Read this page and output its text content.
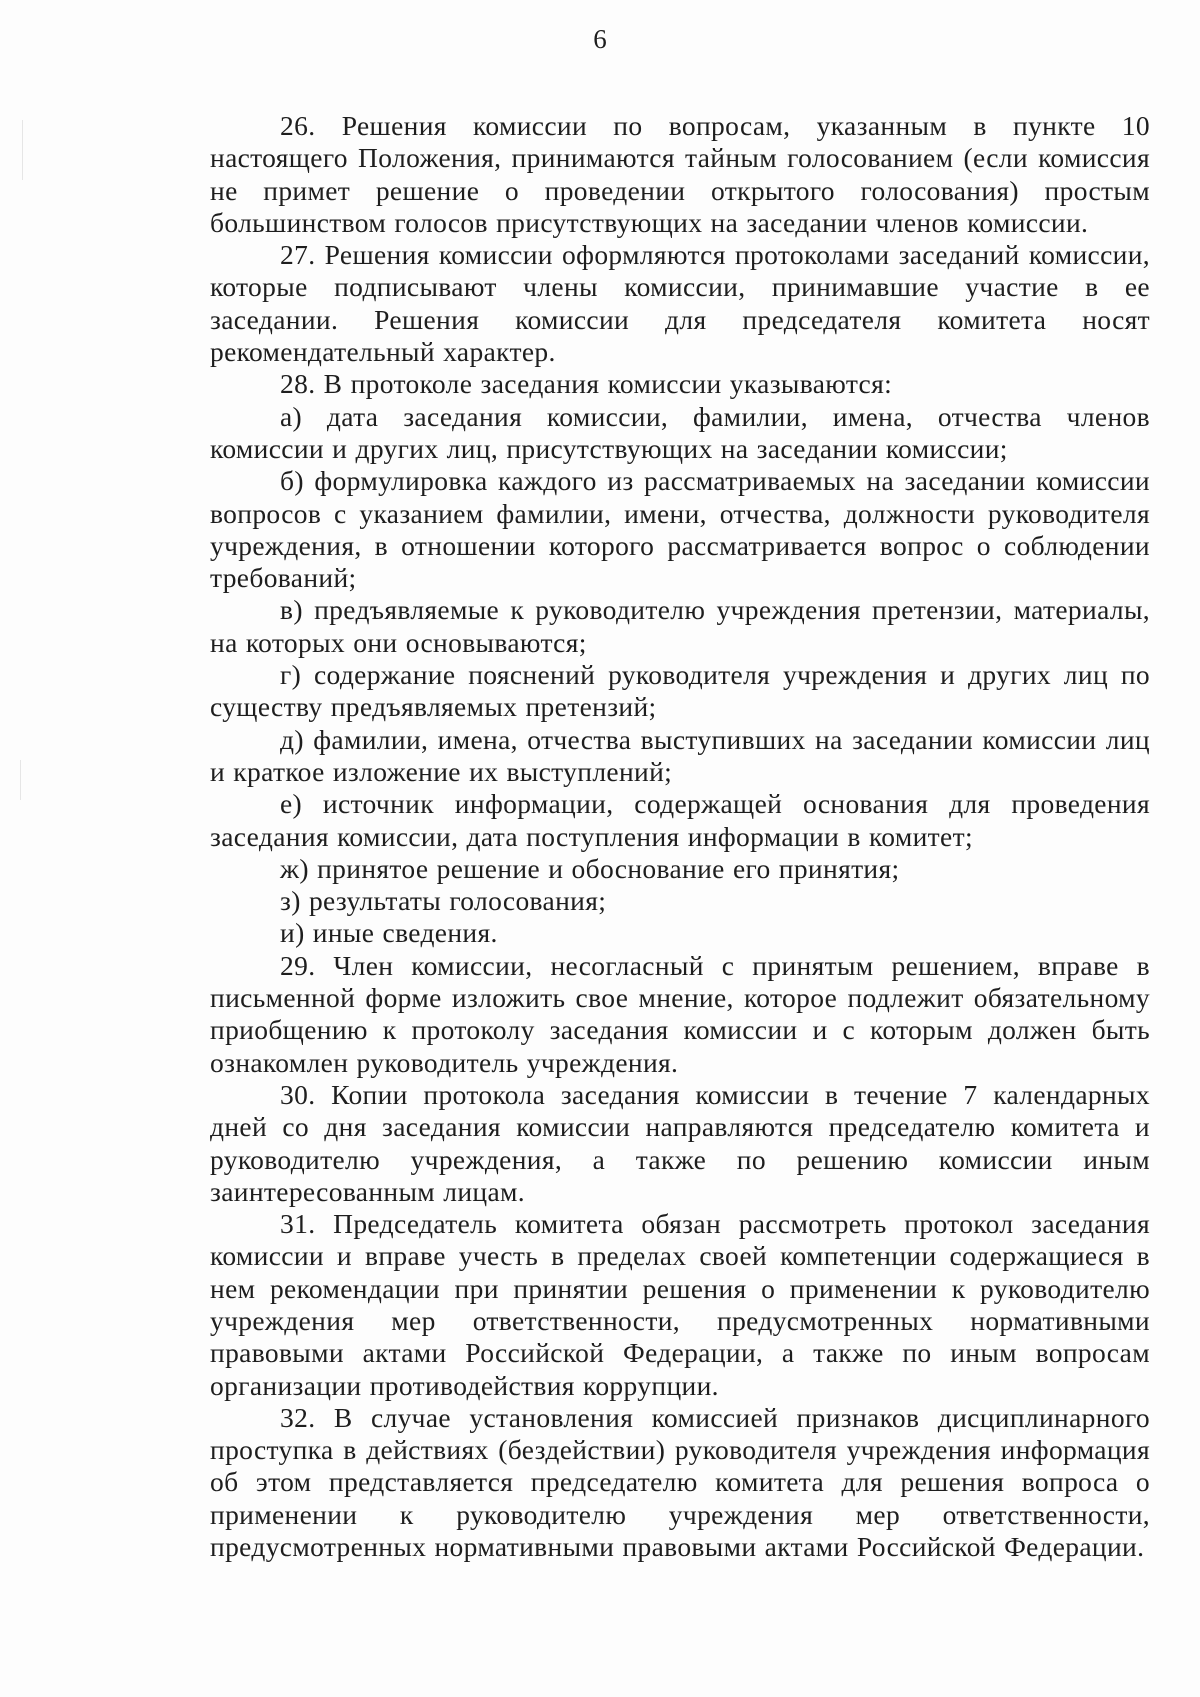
6

26. Решения комиссии по вопросам, указанным в пункте 10 настоящего Положения, принимаются тайным голосованием (если комиссия не примет решение о проведении открытого голосования) простым большинством голосов присутствующих на заседании членов комиссии.

27. Решения комиссии оформляются протоколами заседаний комиссии, которые подписывают члены комиссии, принимавшие участие в ее заседании. Решения комиссии для председателя комитета носят рекомендательный характер.

28. В протоколе заседания комиссии указываются:

а) дата заседания комиссии, фамилии, имена, отчества членов комиссии и других лиц, присутствующих на заседании комиссии;

б) формулировка каждого из рассматриваемых на заседании комиссии вопросов с указанием фамилии, имени, отчества, должности руководителя учреждения, в отношении которого рассматривается вопрос о соблюдении требований;

в) предъявляемые к руководителю учреждения претензии, материалы, на которых они основываются;

г) содержание пояснений руководителя учреждения и других лиц по существу предъявляемых претензий;

д) фамилии, имена, отчества выступивших на заседании комиссии лиц и краткое изложение их выступлений;

е) источник информации, содержащей основания для проведения заседания комиссии, дата поступления информации в комитет;

ж) принятое решение и обоснование его принятия;

з) результаты голосования;

и) иные сведения.

29. Член комиссии, несогласный с принятым решением, вправе в письменной форме изложить свое мнение, которое подлежит обязательному приобщению к протоколу заседания комиссии и с которым должен быть ознакомлен руководитель учреждения.

30. Копии протокола заседания комиссии в течение 7 календарных дней со дня заседания комиссии направляются председателю комитета и руководителю учреждения, а также по решению комиссии иным заинтересованным лицам.

31. Председатель комитета обязан рассмотреть протокол заседания комиссии и вправе учесть в пределах своей компетенции содержащиеся в нем рекомендации при принятии решения о применении к руководителю учреждения мер ответственности, предусмотренных нормативными правовыми актами Российской Федерации, а также по иным вопросам организации противодействия коррупции.

32. В случае установления комиссией признаков дисциплинарного проступка в действиях (бездействии) руководителя учреждения информация об этом представляется председателю комитета для решения вопроса о применении к руководителю учреждения мер ответственности, предусмотренных нормативными правовыми актами Российской Федерации.
